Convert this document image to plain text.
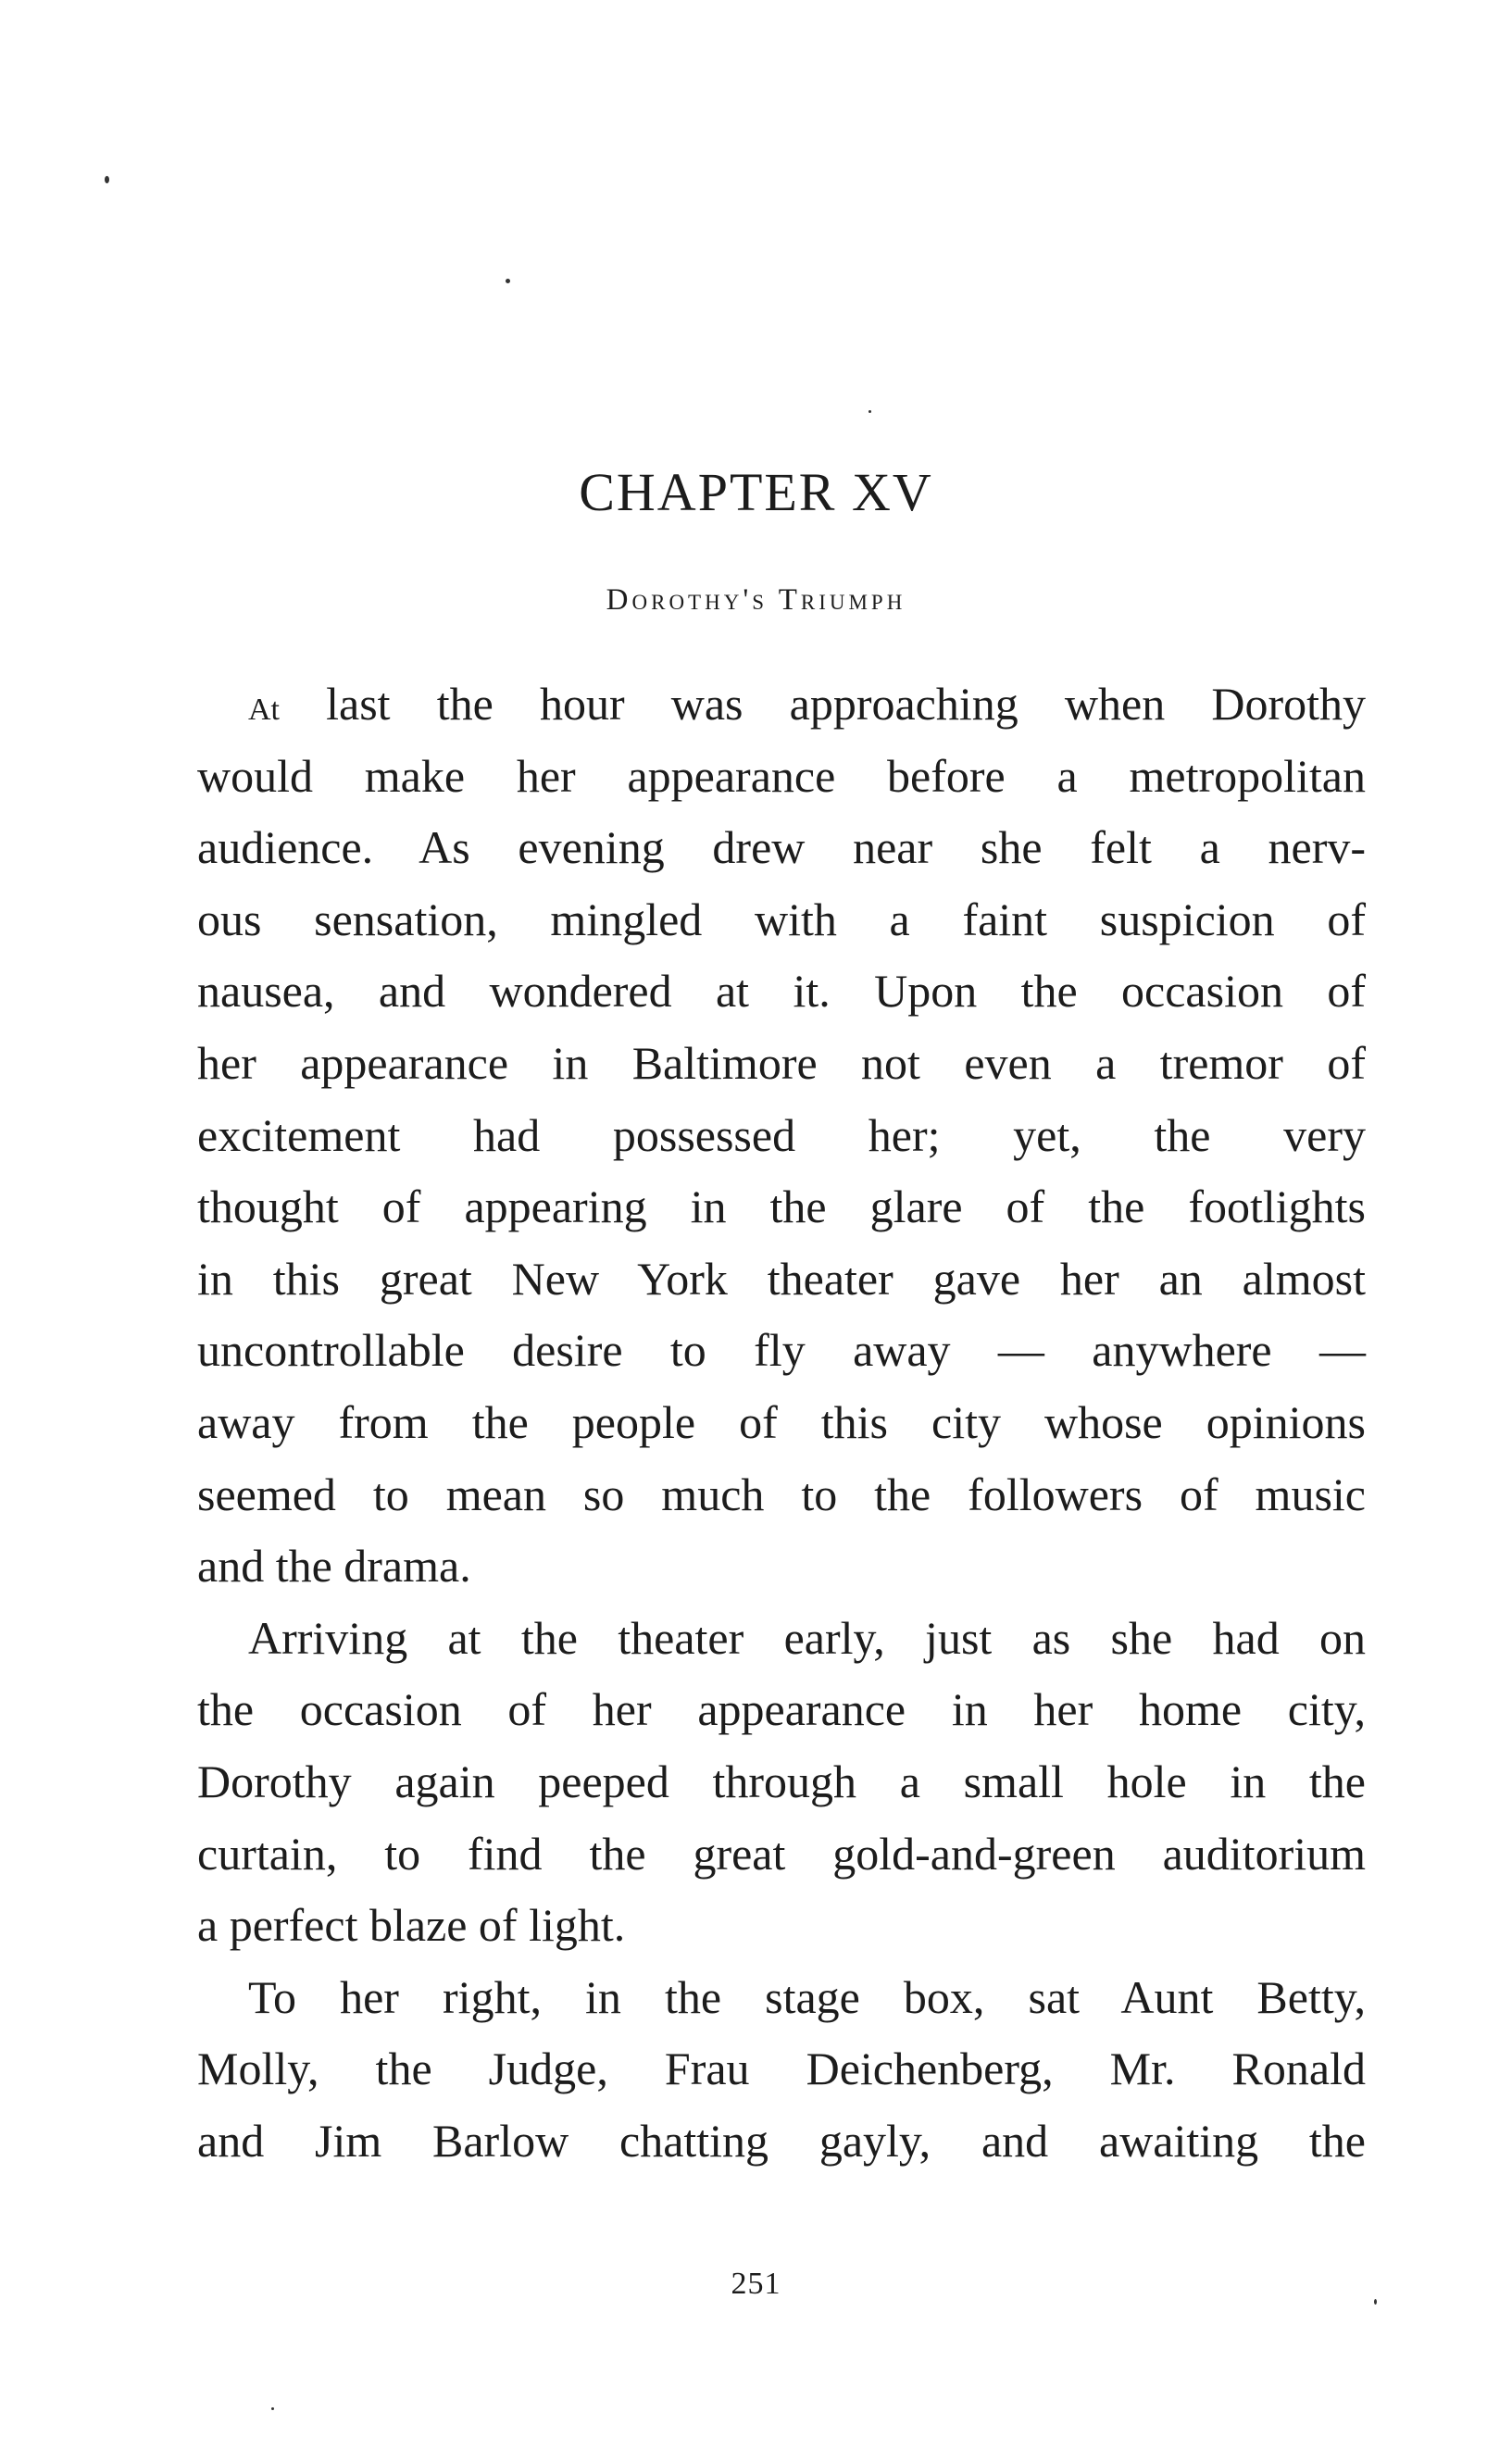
CHAPTER XV
Dorothy's Triumph
At last the hour was approaching when Dorothy
would make her appearance before a metropolitan
audience. As evening drew near she felt a nerv-
ous sensation, mingled with a faint suspicion of
nausea, and wondered at it. Upon the occasion of
her appearance in Baltimore not even a tremor of
excitement had possessed her; yet, the very
thought of appearing in the glare of the footlights
in this great New York theater gave her an almost
uncontrollable desire to fly away — anywhere —
away from the people of this city whose opinions
seemed to mean so much to the followers of music
and the drama.
Arriving at the theater early, just as she had on
the occasion of her appearance in her home city,
Dorothy again peeped through a small hole in the
curtain, to find the great gold-and-green auditorium
a perfect blaze of light.
To her right, in the stage box, sat Aunt Betty,
Molly, the Judge, Frau Deichenberg, Mr. Ronald
and Jim Barlow chatting gayly, and awaiting the
251
